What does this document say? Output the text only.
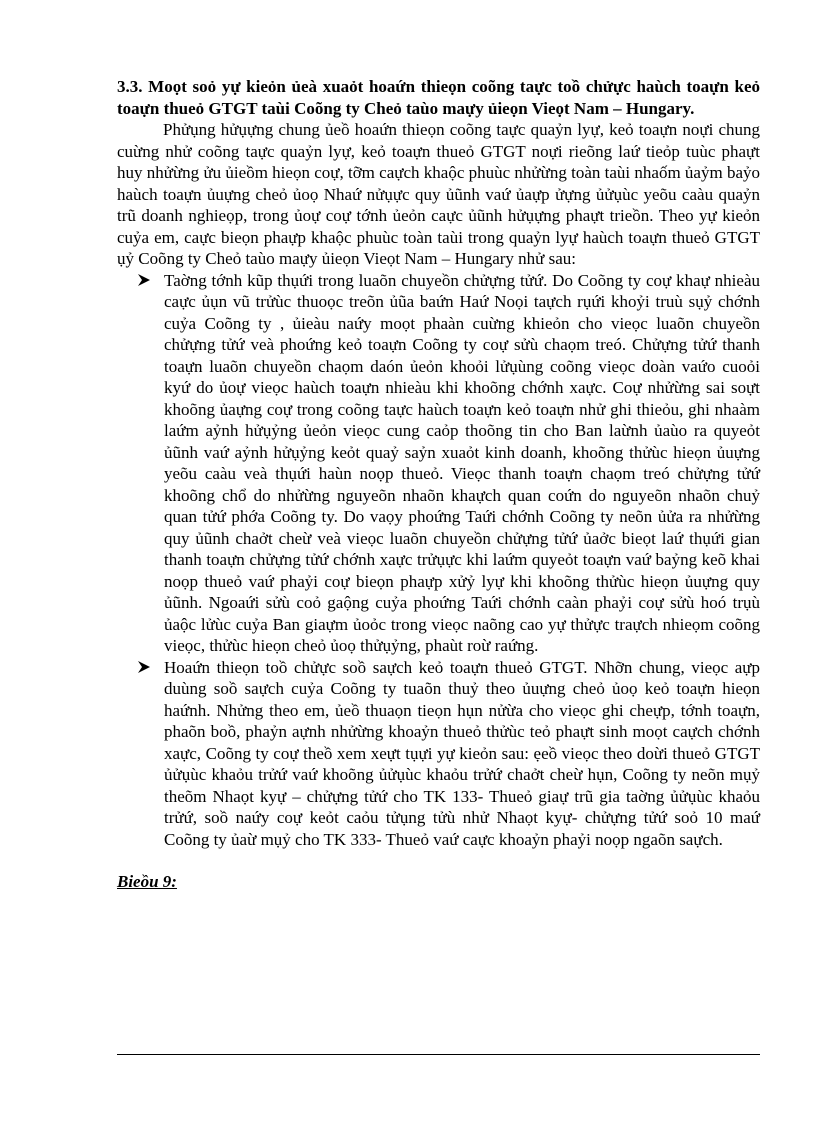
3.3. Moọt soỏ yự kieỏn ủeà xuaỏt hoaứn thieọn coõng taực toồ chửực haùch toaựn keỏ toaựn thueỏ GTGT taùi Coõng ty Cheỏ taùo maựy ủieọn Vieọt Nam – Hungary.

Phửụng hửụựng chung ủeồ hoaứn thieọn coõng taực quaỷn lyự, keỏ toaựn noựi chung cuừng nhử coõng taực quaỷn lyự, keỏ toaựn thueỏ GTGT noựi rieõng laứ tieỏp tuùc phaựt huy nhửừng ửu ủieồm hieọn coự, tỡm caựch khaộc phuùc nhửừng toàn taùi nhaốm ủaỷm baỷo haùch toaựn ủuựng cheỏ ủoọ Nhaứ nửụực quy ủũnh vaứ ủaựp ửựng ủửụùc yeõu caàu quaỷn trũ doanh nghieọp, trong ủoự coự tớnh ủeỏn caực ủũnh hửụựng phaựt trieồn. Theo yự kieỏn cuỷa em, caực bieọn phaựp khaộc phuùc toàn taùi trong quaỷn lyự haùch toaựn thueỏ GTGT ụỷ Coõng ty Cheỏ taùo maựy ủieọn Vieọt Nam – Hungary nhử sau:

Taờng tớnh kũp thụứi trong luaõn chuyeồn chửựng tửứ. Do Coõng ty coự khaự nhieàu caực ủụn vũ trửùc thuoọc treõn ủũa baứn Haứ Noọi taựch rụứi khoỷi truù sụỷ chớnh cuỷa Coõng ty , ủieàu naứy moọt phaàn cuừng khieỏn cho vieọc luaõn chuyeồn chửựng tửứ veà phoứng keỏ toaựn Coõng ty coự sửù chaọm treó. Chửựng tửứ thanh toaựn luaõn chuyeồn chaọm daón ủeỏn khoỏi lửụùng coõng vieọc doàn vaứo cuoỏi kyứ do ủoự vieọc haùch toaựn nhieàu khi khoõng chớnh xaực. Coự nhửừng sai soựt khoõng ủaựng coự trong coõng taực haùch toaựn keỏ toaựn nhử ghi thieỏu, ghi nhaàm laứm aỷnh hửụỷng ủeỏn vieọc cung caỏp thoõng tin cho Ban laừnh ủaùo ra quyeỏt ủũnh vaứ aỷnh hửụỷng keỏt quaỷ saỷn xuaỏt kinh doanh, khoõng thửùc hieọn ủuựng yeõu caàu veà thụứi haùn noọp thueỏ. Vieọc thanh toaựn chaọm treó chửựng tửứ khoõng chổ do nhửừng nguyeõn nhaõn khaựch quan coứn do nguyeõn nhaõn chuỷ quan tửứ phớa Coõng ty. Do vaọy phoứng Taứi chớnh Coõng ty neõn ủửa ra nhửừng quy ủũnh chaởt cheừ veà vieọc luaõn chuyeồn chửựng tửứ ủaởc bieọt laứ thụứi gian thanh toaựn chửựng tửứ chớnh xaực trửụực khi laứm quyeỏt toaựn vaứ baỷng keõ khai noọp thueỏ vaứ phaỷi coự bieọn phaựp xửỷ lyự khi khoõng thửùc hieọn ủuựng quy ủũnh. Ngoaứi sửù coỏ gaộng cuỷa phoứng Taứi chớnh caàn phaỷi coự sửù hoó trụù ủaộc lửùc cuỷa Ban giaựm ủoỏc trong vieọc naõng cao yự thửực traựch nhieọm coõng vieọc, thửùc hieọn cheỏ ủoọ thửụỷng, phaùt roừ raứng.
Hoaứn thieọn toồ chửực soồ saựch keỏ toaựn thueỏ GTGT. Nhỡn chung, vieọc aựp duùng soồ saựch cuỷa Coõng ty tuaõn thuỷ theo ủuựng cheỏ ủoọ keỏ toaựn hieọn haứnh. Nhửng theo em, ủeồ thuaọn tieọn hụn nửừa cho vieọc ghi cheựp, tớnh toaựn, phaõn boồ, phaỷn aựnh nhửừng khoaỷn thueỏ thửùc teỏ phaựt sinh moọt caựch chớnh xaực, Coõng ty coự theồ xem xeựt tụựi yự kieỏn sau: ẹeồ vieọc theo doừi thueỏ GTGT ủửụùc khaỏu trửứ vaứ khoõng ủửụùc khaỏu trửứ chaởt cheừ hụn, Coõng ty neõn mụỷ theõm Nhaọt kyự – chửựng tửứ cho TK 133- Thueỏ giaự trũ gia taờng ủửụùc khaỏu trửứ, soồ naứy coự keỏt caỏu tửụng tửù nhử Nhaọt kyự- chửựng tửứ soỏ 10 maứ Coõng ty ủaừ mụỷ cho TK 333- Thueỏ vaứ caực khoaỷn phaỷi noọp ngaõn saựch.

Bieồu 9:
